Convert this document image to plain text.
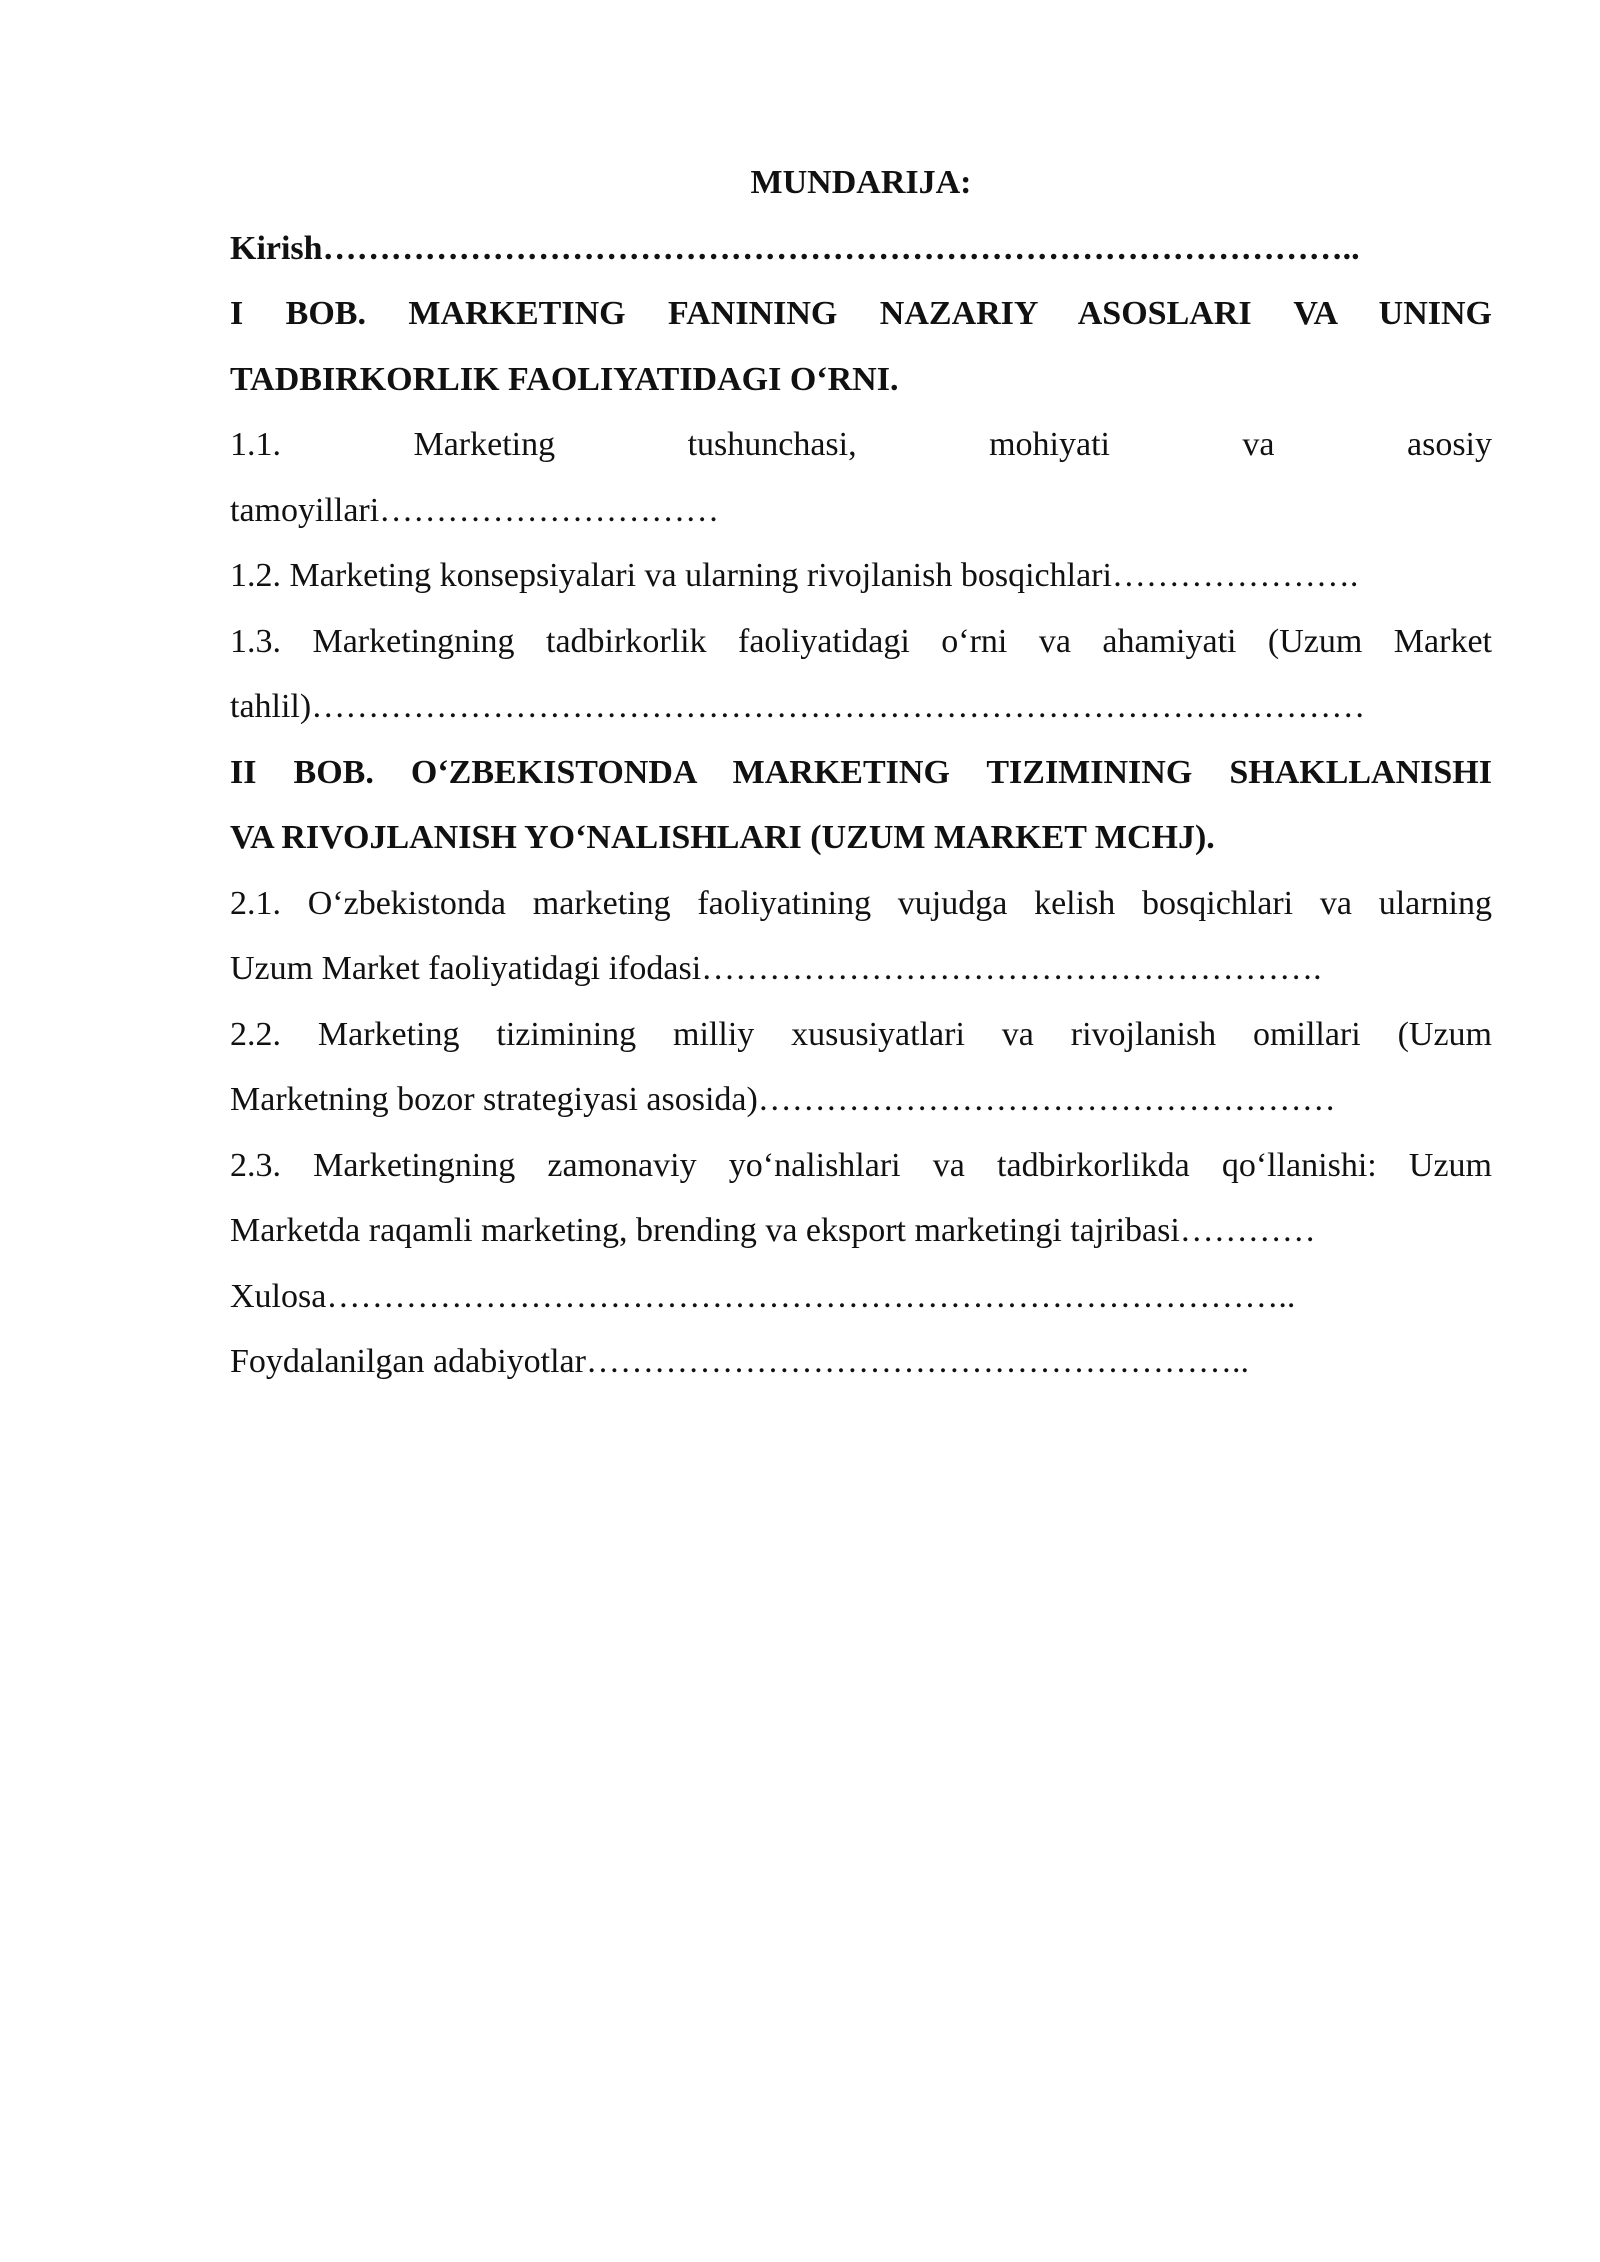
MUNDARIJA:

Kirish………………………………………………………………………………..

I BOB. MARKETING FANINING NAZARIY ASOSLARI VA UNING
TADBIRKORLIK FAOLIYATIDAGI O‘RNI.

1.1. Marketing tushunchasi, mohiyati va asosiy
tamoyillari…………………………

1.2. Marketing konsepsiyalari va ularning rivojlanish bosqichlari………………….

1.3. Marketingning tadbirkorlik faoliyatidagi o‘rni va ahamiyati (Uzum Market
tahlil)…………………………………………………………………………………

II BOB. O‘ZBEKISTONDA MARKETING TIZIMINING SHAKLLANISHI
VA RIVOJLANISH YO‘NALISHLARI (UZUM MARKET MCHJ).

2.1. O‘zbekistonda marketing faoliyatining vujudga kelish bosqichlari va ularning
Uzum Market faoliyatidagi ifodasi……………………………………………….

2.2. Marketing tizimining milliy xususiyatlari va rivojlanish omillari (Uzum
Marketning bozor strategiyasi asosida)……………………………………………

2.3. Marketingning zamonaviy yo‘nalishlari va tadbirkorlikda qo‘llanishi: Uzum
Marketda raqamli marketing, brending va eksport marketingi tajribasi…………

Xulosa…………………………………………………………………………..

Foydalanilgan adabiyotlar…………………………………………………..
